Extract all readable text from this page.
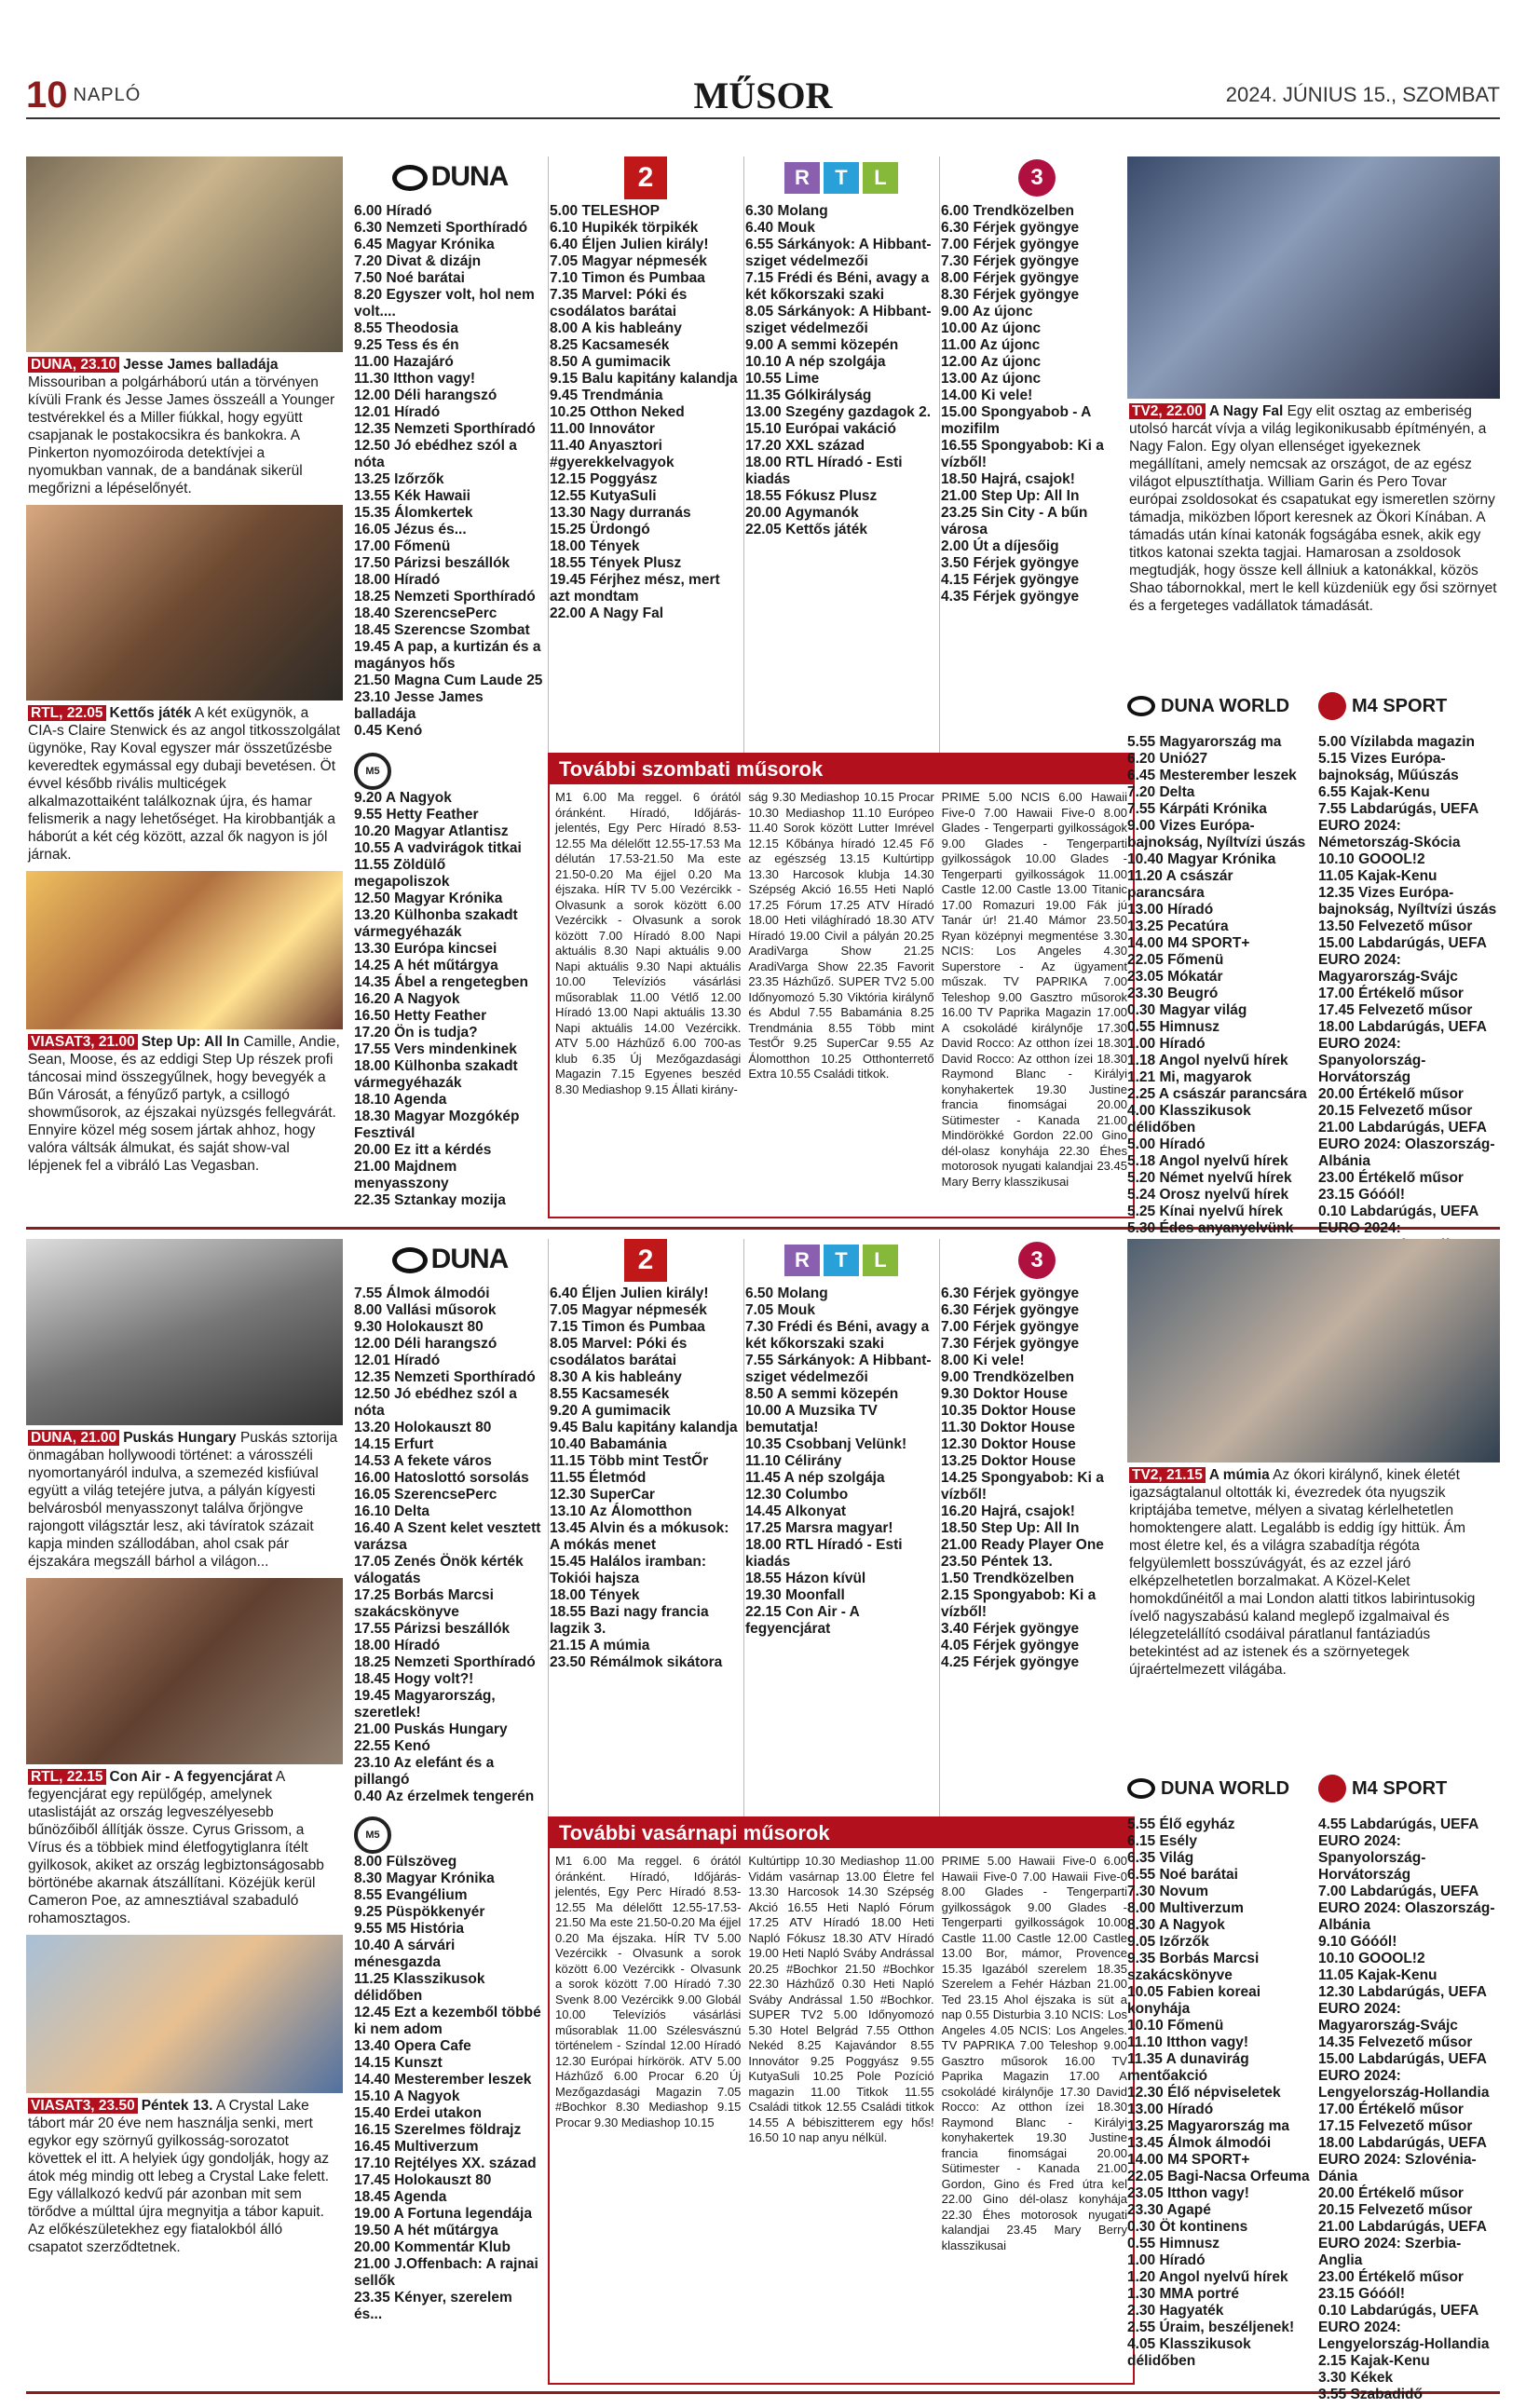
10 NAPLÓ	MŰSOR	2024. JÚNIUS 15., SZOMBAT
DUNA, 23.10 Jesse James balladája Missouriban a polgárháború után a törvényen kívüli Frank és Jesse James összeáll a Younger testvérekkel és a Miller fiúkkal, hogy együtt csapjanak le postakocsikra és bankokra. A Pinkerton nyomozóiroda detektívjei a nyomukban vannak, de a bandának sikerül megőrizni a lépéselőnyét.
RTL, 22.05 Kettős játék A két exügynök, a CIA-s Claire Stenwick és az angol titkosszolgálat ügynöke, Ray Koval egyszer már összetűzésbe keveredtek egymással egy dubaji bevetésen. Öt évvel később rivális multicégek alkalmazottaiként találkoznak újra, és hamar felismerik a nagy lehetőséget. Ha kirobbantják a háborút a két cég között, azzal ők nagyon is jól járnak.
VIASAT3, 21.00 Step Up: All In Camille, Andie, Sean, Moose, és az eddigi Step Up részek profi táncosai mind összegyűlnek, hogy bevegyék a Bűn Városát, a fényűző partyk, a csillogó showműsorok, az éjszakai nyüzsgés fellegvárát. Ennyire közel még sosem jártak ahhoz, hogy valóra váltsák álmukat, és saját show-val lépjenek fel a vibráló Las Vegasban.
DUNA
6.00 Híradó
6.30 Nemzeti Sporthíradó
6.45 Magyar Krónika
7.20 Divat & dizájn
7.50 Noé barátai
8.20 Egyszer volt, hol nem volt....
8.55 Theodosia
9.25 Tess és én
11.00 Hazajáró
11.30 Itthon vagy!
12.00 Déli harangszó
12.01 Híradó
12.35 Nemzeti Sporthíradó
12.50 Jó ebédhez szól a nóta
13.25 Izőrzők
13.55 Kék Hawaii
15.35 Álomkertek
16.05 Jézus és...
17.00 Főmenü
17.50 Párizsi beszállók
18.00 Híradó
18.25 Nemzeti Sporthíradó
18.40 SzerencsePerc
18.45 Szerencse Szombat
19.45 A pap, a kurtizán és a magányos hős
21.50 Magna Cum Laude 25
23.10 Jesse James balladája
0.45 Kenó
2
5.00 TELESHOP
6.10 Hupikék törpikék
6.40 Éljen Julien király!
7.05 Magyar népmesék
7.10 Timon és Pumbaa
7.35 Marvel: Póki és csodálatos barátai
8.00 A kis hableány
8.25 Kacsamesék
8.50 A gumimacik
9.15 Balu kapitány kalandja
9.45 Trendmánia
10.25 Otthon Neked
11.00 Innovátor
11.40 Anyasztori #gyerekkelvagyok
12.15 Poggyász
12.55 KutyaSuli
13.30 Nagy durranás
15.25 Ürdongó
18.00 Tények
18.55 Tények Plusz
19.45 Férjhez mész, mert azt mondtam
22.00 A Nagy Fal
R	T	L
6.30 Molang
6.40 Mouk
6.55 Sárkányok: A Hibbant-sziget védelmezői
7.15 Frédi és Béni, avagy a két kőkorszaki szaki
8.05 Sárkányok: A Hibbant-sziget védelmezői
9.00 A semmi közepén
10.10 A nép szolgája
10.55 Lime
11.35 Gólkirályság
13.00 Szegény gazdagok 2.
15.10 Európai vakáció
17.20 XXL század
18.00 RTL Híradó - Esti kiadás
18.55 Fókusz Plusz
20.00 Agymanók
22.05 Kettős játék
3
6.00 Trendközelben
6.30 Férjek gyöngye
7.00 Férjek gyöngye
7.30 Férjek gyöngye
8.00 Férjek gyöngye
8.30 Férjek gyöngye
9.00 Az újonc
10.00 Az újonc
11.00 Az újonc
12.00 Az újonc
13.00 Az újonc
14.00 Ki vele!
15.00 Spongyabob - A mozifilm
16.55 Spongyabob: Ki a vízből!
18.50 Hajrá, csajok!
21.00 Step Up: All In
23.25 Sin City - A bűn városa
2.00 Út a díjesőig
3.50 Férjek gyöngye
4.15 Férjek gyöngye
4.35 Férjek gyöngye
További szombati műsorok
M1 6.00 Ma reggel. 6 órától óránként. Híradó, Időjárás-jelentés, Egy Perc Híradó 8.53-12.55 Ma délelőtt 12.55-17.53 Ma délután 17.53-21.50 Ma este 21.50-0.20 Ma éjjel 0.20 Ma éjszaka. HÍR TV 5.00 Vezércikk - Olvasunk a sorok között 6.00 Vezércikk - Olvasunk a sorok között 7.00 Híradó 8.00 Napi aktuális 8.30 Napi aktuális 9.00 Napi aktuális 9.30 Napi aktuális 10.00 Televíziós vásárlási műsorablak 11.00 Vétlő 12.00 Híradó 13.00 Napi aktuális 13.30 Napi aktuális 14.00 Vezércikk. ATV 5.00 Házhűző 6.00 700-as klub 6.35 Új Mezőgazdasági Magazin 7.15 Egyenes beszéd 8.30 Mediashop 9.15 Állati kirány-
ság 9.30 Mediashop 10.15 Procar 10.30 Mediashop 11.10 Európeo 11.40 Sorok között Lutter Imrével 12.15 Kőbánya híradó 12.45 Fő az egészség 13.15 Kultúrtipp 13.30 Harcosok klubja 14.30 Szépség Akció 16.55 Heti Napló 17.25 Fórum 17.25 ATV Híradó 18.00 Heti világhíradó 18.30 ATV Híradó 19.00 Civil a pályán 20.25 AradiVarga Show 21.25 AradiVarga Show 22.35 Favorit 23.35 Házhűző. SUPER TV2 5.00 Időnyomozó 5.30 Viktória királynő és Abdul 7.55 Babamánia 8.25 Trendmánia 8.55 Több mint TestŐr 9.25 SuperCar 9.55 Az Álomotthon 10.25 Otthonterrető Extra 10.55 Családi titkok.
PRIME 5.00 NCIS 6.00 Hawaii Five-0 7.00 Hawaii Five-0 8.00 Glades - Tengerparti gyilkosságok 9.00 Glades - Tengerparti gyilkosságok 10.00 Glades - Tengerparti gyilkosságok 11.00 Castle 12.00 Castle 13.00 Titanic 17.00 Romazuri 19.00 Fák jú Tanár úr! 21.40 Mámor 23.50 Ryan középnyi megmentése 3.30 NCIS: Los Angeles 4.30 Superstore - Az ügyament műszak. TV PAPRIKA 7.00 Teleshop 9.00 Gasztro műsorok 16.00 TV Paprika Magazin 17.00 A csokoládé királynője 17.30 David Rocco: Az otthon ízei 18.30 David Rocco: Az otthon ízei 18.30 Raymond Blanc - Királyi konyhakertek 19.30 Justine francia finomságai 20.00 Sütimester - Kanada 21.00 Mindörökké Gordon 22.00 Gino dél-olasz konyhája 22.30 Éhes motorosok nyugati kalandjai 23.45 Mary Berry klasszikusai
M5
9.20 A Nagyok
9.55 Hetty Feather
10.20 Magyar Atlantisz
10.55 A vadvirágok titkai
11.55 Zöldülő megapoliszok
12.50 Magyar Krónika
13.20 Külhonba szakadt vármegyéhazák
13.30 Európa kincsei
14.25 A hét műtárgya
14.35 Ábel a rengetegben
16.20 A Nagyok
16.50 Hetty Feather
17.20 Ön is tudja?
17.55 Vers mindenkinek
18.00 Külhonba szakadt vármegyéhazák
18.10 Agenda
18.30 Magyar Mozgókép Fesztivál
20.00 Ez itt a kérdés
21.00 Majdnem menyasszony
22.35 Sztankay mozija
TV2, 22.00 A Nagy Fal Egy elit osztag az emberiség utolsó harcát vívja a világ legikonikusabb építményén, a Nagy Falon. Egy olyan ellenséget igyekeznek megállítani, amely nemcsak az országot, de az egész világot elpusztíthatja. William Garin és Pero Tovar európai zsoldosokat és csapatukat egy ismeretlen szörny támadja, miközben lőport keresnek az Ökori Kínában. A támadás után kínai katonák fogságába esnek, akik egy titkos katonai szekta tagjai. Hamarosan a zsoldosok megtudják, hogy össze kell állniuk a katonákkal, közös Shao tábornokkal, mert le kell küzdeniük egy ősi szörnyet és a fergeteges vadállatok támadását.
DUNA WORLD
5.55 Magyarország ma
6.20 Unió27
6.45 Mesterember leszek
7.20 Delta
7.55 Kárpáti Krónika
9.00 Vizes Európa-bajnokság, Nyíltvízi úszás
10.40 Magyar Krónika
11.20 A császár parancsára
13.00 Híradó
13.25 Pecatúra
14.00 M4 SPORT+
22.05 Főmenü
23.05 Mókatár
23.30 Beugró
0.30 Magyar világ
0.55 Himnusz
1.00 Híradó
1.18 Angol nyelvű hírek
1.21 Mi, magyarok
2.25 A császár parancsára
4.00 Klasszikusok délidőben
5.00 Híradó
5.18 Angol nyelvű hírek
5.20 Német nyelvű hírek
5.24 Orosz nyelvű hírek
5.25 Kínai nyelvű hírek
5.30 Édes anyanyelvünk
M4 SPORT
5.00 Vízilabda magazin
5.15 Vizes Európa-bajnokság, Műúszás
6.55 Kajak-Kenu
7.55 Labdarúgás, UEFA EURO 2024: Németország-Skócia
10.10 GOOOL!2
11.05 Kajak-Kenu
12.35 Vizes Európa-bajnokság, Nyíltvízi úszás
13.50 Felvezető műsor
15.00 Labdarúgás, UEFA EURO 2024: Magyarország-Svájc
17.00 Értékelő műsor
17.45 Felvezető műsor
18.00 Labdarúgás, UEFA EURO 2024: Spanyolország-Horvátország
20.00 Értékelő műsor
20.15 Felvezető műsor
21.00 Labdarúgás, UEFA EURO 2024: Olaszország-Albánia
23.00 Értékelő műsor
23.15 Góóól!
0.10 Labdarúgás, UEFA EURO 2024:
DUNA, 21.00 Puskás Hungary Puskás sztorija önmagában hollywoodi történet: a városszéli nyomortanyáról indulva, a szemezéd kisfiúval együtt a világ tetejére jutva, a pályán kígyesti belvárosból menyasszonyt találva őrjöngve rajongott világsztár lesz, aki távíratok százait kapja minden szállodában, ahol csak pár éjszakára megszáll bárhol a világon...
RTL, 22.15 Con Air - A fegyencjárat A fegyencjárat egy repülőgép, amelynek utaslistáját az ország legveszélyesebb bűnözőiből állítják össze. Cyrus Grissom, a Vírus és a többiek mind életfogytiglanra ítélt gyilkosok, akiket az ország legbiztonságosabb börtönébe akarnak átszállítani. Közéjük kerül Cameron Poe, az amnesztiával szabaduló rohamosztagos.
VIASAT3, 23.50 Péntek 13. A Crystal Lake tábort már 20 éve nem használja senki, mert egykor egy szörnyű gyilkosság-sorozatot követtek el itt. A helyiek úgy gondolják, hogy az átok még mindig ott lebeg a Crystal Lake felett. Egy vállalkozó kedvű pár azonban mit sem törődve a múlttal újra megnyitja a tábor kapuit. Az előkészületekhez egy fiatalokból álló csapatot szerződtetnek.
DUNA
7.55 Álmok álmodói
8.00 Vallási műsorok
9.30 Holokauszt 80
12.00 Déli harangszó
12.01 Híradó
12.35 Nemzeti Sporthíradó
12.50 Jó ebédhez szól a nóta
13.20 Holokauszt 80
14.15 Erfurt
14.53 A fekete város
16.00 Hatoslottó sorsolás
16.05 SzerencsePerc
16.10 Delta
16.40 A Szent kelet vesztett varázsa
17.05 Zenés Önök kérték válogatás
17.25 Borbás Marcsi szakácskönyve
17.55 Párizsi beszállók
18.00 Híradó
18.25 Nemzeti Sporthíradó
18.45 Hogy volt?!
19.45 Magyarország, szeretlek!
21.00 Puskás Hungary
22.55 Kenó
23.10 Az elefánt és a pillangó
0.40 Az érzelmek tengerén
2
6.40 Éljen Julien király!
7.05 Magyar népmesék
7.15 Timon és Pumbaa
8.05 Marvel: Póki és csodálatos barátai
8.30 A kis hableány
8.55 Kacsamesék
9.20 A gumimacik
9.45 Balu kapitány kalandja
10.40 Babamánia
11.15 Több mint TestŐr
11.55 Életmód
12.30 SuperCar
13.10 Az Álomotthon
13.45 Alvin és a mókusok: A mókás menet
15.45 Halálos iramban: Tokiói hajsza
18.00 Tények
18.55 Bazi nagy francia lagzik 3.
21.15 A múmia
23.50 Rémálmok sikátora
R	T	L
6.50 Molang
7.05 Mouk
7.30 Frédi és Béni, avagy a két kőkorszaki szaki
7.55 Sárkányok: A Hibbant-sziget védelmezői
8.50 A semmi közepén
10.00 A Muzsika TV bemutatja!
10.35 Csobbanj Velünk!
11.10 Célirány
11.45 A nép szolgája
12.30 Columbo
14.45 Alkonyat
17.25 Marsra magyar!
18.00 RTL Híradó - Esti kiadás
18.55 Házon kívül
19.30 Moonfall
22.15 Con Air - A fegyencjárat
3
6.30 Férjek gyöngye
6.30 Férjek gyöngye
7.00 Férjek gyöngye
7.30 Férjek gyöngye
8.00 Ki vele!
9.00 Trendközelben
9.30 Doktor House
10.35 Doktor House
11.30 Doktor House
12.30 Doktor House
13.25 Doktor House
14.25 Spongyabob: Ki a vízből!
16.20 Hajrá, csajok!
18.50 Step Up: All In
21.00 Ready Player One
23.50 Péntek 13.
1.50 Trendközelben
2.15 Spongyabob: Ki a vízből!
3.40 Férjek gyöngye
4.05 Férjek gyöngye
4.25 Férjek gyöngye
További vasárnapi műsorok
M1 6.00 Ma reggel. 6 órától óránként. Híradó, Időjárás-jelentés, Egy Perc Híradó 8.53-12.55 Ma délelőtt 12.55-17.53-21.50 Ma este 21.50-0.20 Ma éjjel 0.20 Ma éjszaka. HÍR TV 5.00 Vezércikk - Olvasunk a sorok között 6.00 Vezércikk - Olvasunk a sorok között 7.00 Híradó 7.30 Svenk 8.00 Vezércikk 9.00 Globál 10.00 Televíziós vásárlási műsorablak 11.00 Szélesvásznú történelem - Színdal 12.00 Híradó 12.30 Európai hírkörök. ATV 5.00 Házhűző 6.00 Procar 6.20 Új Mezőgazdasági Magazin 7.05 #Bochkor 8.30 Mediashop 9.15 Procar 9.30 Mediashop 10.15
Kultúrtipp 10.30 Mediashop 11.00 Vidám vasárnap 13.00 Életre fel 13.30 Harcosok 14.30 Szépség Akció 16.55 Heti Napló Fórum 17.25 ATV Híradó 18.00 Heti Napló Fókusz 18.30 ATV Híradó 19.00 Heti Napló Svábу Andrással 20.25 #Bochkor 21.50 #Bochkor 22.30 Házhűző 0.30 Heti Napló Sváby Andrással 1.50 #Bochkor. SUPER TV2 5.00 Időnyomozó 5.30 Hotel Belgrád 7.55 Otthon Nekéd 8.25 Kajavándor 8.55 Innovátor 9.25 Poggyász 9.55 KutyaSuli 10.25 Pole Pozíció magazin 11.00 Titkok 11.55 Családi titkok 12.55 Családi titkok 14.55 A bébiszitterem egy hős! 16.50 10 nap anyu nélkül.
PRIME 5.00 Hawaii Five-0 6.00 Hawaii Five-0 7.00 Hawaii Five-0 8.00 Glades - Tengerparti gyilkosságok 9.00 Glades - Tengerparti gyilkosságok 10.00 Castle 11.00 Castle 12.00 Castle 13.00 Bor, mámor, Provence 15.35 Igazából szerelem 18.35 Szerelem a Fehér Házban 21.00 Ted 23.15 Ahol éjszaka is süt a nap 0.55 Disturbia 3.10 NCIS: Los Angeles 4.05 NCIS: Los Angeles. TV PAPRIKA 7.00 Teleshop 9.00 Gasztro műsorok 16.00 TV Paprika Magazin 17.00 A csokoládé királynője 17.30 David Rocco: Az otthon ízei 18.30 Raymond Blanc - Királyi konyhakertek 19.30 Justine francia finomságai 20.00 Sütimester - Kanada 21.00 Gordon, Gino és Fred útra kel 22.00 Gino dél-olasz konyhája 22.30 Éhes motorosok nyugati kalandjai 23.45 Mary Berry klasszikusai
M5
8.00 Fülszöveg
8.30 Magyar Krónika
8.55 Evangélium
9.25 Püspökkenyér
9.55 M5 História
10.40 A sárvári ménesgazda
11.25 Klasszikusok délidőben
12.45 Ezt a kezemből többé ki nem adom
13.40 Opera Cafe
14.15 Kunszt
14.40 Mesterember leszek
15.10 A Nagyok
15.40 Erdei utakon
16.15 Szerelmes földrajz
16.45 Multiverzum
17.10 Rejtélyes XX. század
17.45 Holokauszt 80
18.45 Agenda
19.00 A Fortuna legendája
19.50 A hét műtárgya
20.00 Kommentár Klub
21.00 J.Offenbach: A rajnai sellők
23.35 Kényer, szerelem és...
TV2, 21.15 A múmia Az ókori királynő, kinek életét igazságtalanul oltották ki, évezredek óta nyugszik kriptájába temetve, mélyen a sivatag kérlelhetetlen homoktengere alatt. Legalább is eddig így hittük. Ám most életre kel, és a világra szabadítja régóta felgyülemlett bosszúvágyát, és az ezzel járó elképzelhetetlen borzalmakat. A Közel-Kelet homokdűnéitől a mai London alatti titkos labirintusokig ívelő nagyszabású kaland meglepő izgalmaival és lélegzetelállító csodáival páratlanul fantáziadús betekintést ad az istenek és a szörnyetegek újraértelmezett világába.
DUNA WORLD
5.55 Élő egyház
6.15 Esély
6.35 Világ
6.55 Noé barátai
7.30 Novum
8.00 Multiverzum
8.30 A Nagyok
9.05 Izőrzők
9.35 Borbás Marcsi szakácskönyve
10.05 Fabien koreai konyhája
10.10 Főmenü
11.10 Itthon vagy!
11.35 A dunavirág mentőakció
12.30 Élő népviseletek
13.00 Híradó
13.25 Magyarország ma
13.45 Álmok álmodói
14.00 M4 SPORT+
22.05 Bagi-Nacsa Orfeuma
23.05 Itthon vagy!
23.30 Agapé
0.30 Öt kontinens
0.55 Himnusz
1.00 Híradó
1.20 Angol nyelvű hírek
1.30 MMA portré
2.30 Hagyaték
2.55 Úraim, beszéljenek!
4.05 Klasszikusok délidőben
M4 SPORT
4.55 Labdarúgás, UEFA EURO 2024: Spanyolország-Horvátország
7.00 Labdarúgás, UEFA EURO 2024: Olaszország-Albánia
9.10 Góóól!
10.10 GOOOL!2
11.05 Kajak-Kenu
12.30 Labdarúgás, UEFA EURO 2024: Magyarország-Svájc
14.35 Felvezető műsor
15.00 Labdarúgás, UEFA EURO 2024: Lengyelország-Hollandia
17.00 Értékelő műsor
17.15 Felvezető műsor
18.00 Labdarúgás, UEFA EURO 2024: Szlovénia-Dánia
20.00 Értékelő műsor
20.15 Felvezető műsor
21.00 Labdarúgás, UEFA EURO 2024: Szerbia-Anglia
23.00 Értékelő műsor
23.15 Góóól!
0.10 Labdarúgás, UEFA EURO 2024: Lengyelország-Hollandia
2.15 Kajak-Kenu
3.30 Kékek
3.55 Szabadidő
